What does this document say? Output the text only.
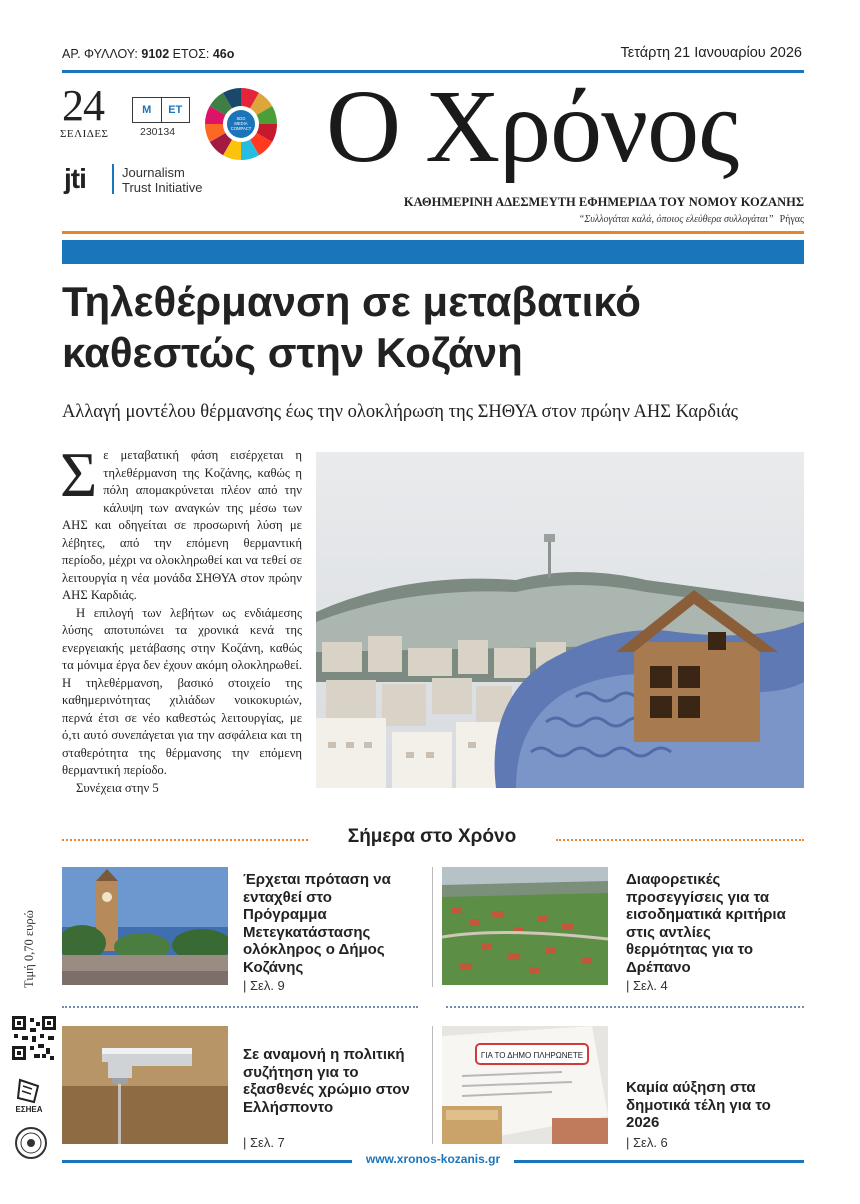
ΑΡ. ΦΥΛΛΟΥ: 9102 ΕΤΟΣ: 46ο	Τετάρτη 21 Ιανουαρίου 2026
24
ΣΕΛΙΔΕΣ
Μ	ΕΤ
230134
SDG
MEDIA
COMPACT
jti	Journalism
Trust Initiative
Ο Χρόνος
ΚΑΘΗΜΕΡΙΝΗ ΑΔΕΣΜΕΥΤΗ ΕΦΗΜΕΡΙΔΑ ΤΟΥ ΝΟΜΟΥ ΚΟΖΑΝΗΣ
“Συλλογάται καλά, όποιος ελεύθερα συλλογάται” Ρήγας
Τηλεθέρμανση σε μεταβατικό καθεστώς στην Κοζάνη
Αλλαγή μοντέλου θέρμανσης έως την ολοκλήρωση της ΣΗΘΥΑ στον πρώην ΑΗΣ Καρδιάς
Σ ε μεταβατική φάση εισέρχεται η τηλεθέρμανση της Κοζάνης, καθώς η πόλη απομακρύνεται πλέον από την κάλυψη των αναγκών της μέσω των ΑΗΣ και οδηγείται σε προσωρινή λύση με λέβητες, από την επόμενη θερμαντική περίοδο, μέχρι να ολοκληρωθεί και να τεθεί σε λειτουργία η νέα μονάδα ΣΗΘΥΑ στον πρώην ΑΗΣ Καρδιάς.

Η επιλογή των λεβήτων ως ενδιάμεσης λύσης αποτυπώνει τα χρονικά κενά της ενεργειακής μετάβασης στην Κοζάνη, καθώς τα μόνιμα έργα δεν έχουν ακόμη ολοκληρωθεί. Η τηλεθέρμανση, βασικό στοιχείο της καθημερινότητας χιλιάδων νοικοκυριών, περνά έτσι σε νέο καθεστώς λειτουργίας, με ό,τι αυτό συνεπάγεται για την ασφάλεια και τη σταθερότητα της θέρμανσης την επόμενη θερμαντική περίοδο.

Συνέχεια στην 5
Σήμερα στο Χρόνο
Έρχεται πρόταση να ενταχθεί στο Πρόγραμμα Μετεγκατάστασης ολόκληρος ο Δήμος Κοζάνης
| Σελ. 9
Διαφορετικές προσεγγίσεις για τα εισοδηματικά κριτήρια στις αντλίες θερμότητας για το Δρέπανο
| Σελ. 4
Σε αναμονή η πολιτική συζήτηση για το εξασθενές χρώμιο στον Ελλήσποντο
| Σελ. 7
ΓΙΑ ΤΟ ΔΗΜΟ ΠΛΗΡΩΝΕΤΕ
Καμία αύξηση στα δημοτικά τέλη για το 2026
| Σελ. 6
Τιμή 0,70 ευρώ
ΕΣΗΕΑ
www.xronos-kozanis.gr
